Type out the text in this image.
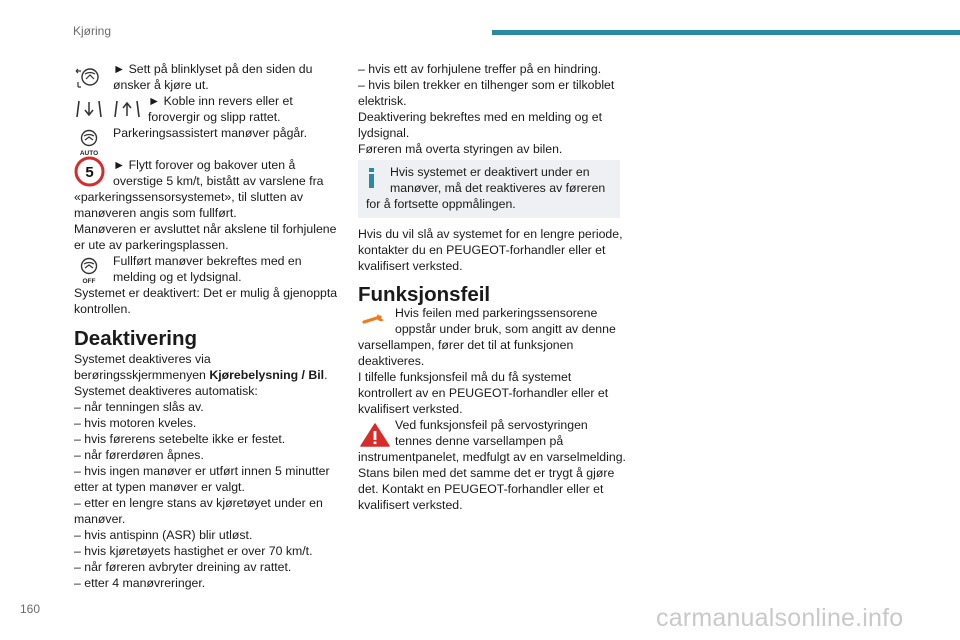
Kjøring
160	carmanualsonline.info

► Sett på blinklyset på den siden du

ønsker å kjøre ut.

► Koble inn revers eller et

forovergir og slipp rattet.

AUTO

Parkeringsassistert manøver pågår.

5 ► Flytt forover og bakover uten å

overstige 5 km/t, bistått av varslene fra

«parkeringssensorsystemet», til slutten av

manøveren angis som fullført.

Manøveren er avsluttet når akslene til forhjulene

er ute av parkeringsplassen.

OFF

Fullført manøver bekreftes med en

melding og et lydsignal.

Systemet er deaktivert: Det er mulig å gjenoppta

kontrollen.

Deaktivering

Systemet deaktiveres via

berøringsskjermmenyen Kjørebelysning / Bil.

Systemet deaktiveres automatisk:

– når tenningen slås av.

– hvis motoren kveles.

– hvis førerens setebelte ikke er festet.

– når førerdøren åpnes.

– hvis ingen manøver er utført innen 5 minutter

etter at typen manøver er valgt.

– etter en lengre stans av kjøretøyet under en

manøver.

– hvis antispinn (ASR) blir utløst.

– hvis kjøretøyets hastighet er over 70 km/t.

– når føreren avbryter dreining av rattet.

– etter 4 manøvreringer.

– hvis ett av forhjulene treffer på en hindring.

– hvis bilen trekker en tilhenger som er tilkoblet

elektrisk.

Deaktivering bekreftes med en melding og et

lydsignal.

Føreren må overta styringen av bilen.

Hvis systemet er deaktivert under en

manøver, må det reaktiveres av føreren

for å fortsette oppmålingen.

Hvis du vil slå av systemet for en lengre periode,

kontakter du en PEUGEOT-forhandler eller et

kvalifisert verksted.

Funksjonsfeil

Hvis feilen med parkeringssensorene

oppstår under bruk, som angitt av denne

varsellampen, fører det til at funksjonen

deaktiveres.

I tilfelle funksjonsfeil må du få systemet

kontrollert av en PEUGEOT-forhandler eller et

kvalifisert verksted.

Ved funksjonsfeil på servostyringen

tennes denne varsellampen på

instrumentpanelet, medfulgt av en varselmelding.

Stans bilen med det samme det er trygt å gjøre

det. Kontakt en PEUGEOT-forhandler eller et

kvalifisert verksted.
